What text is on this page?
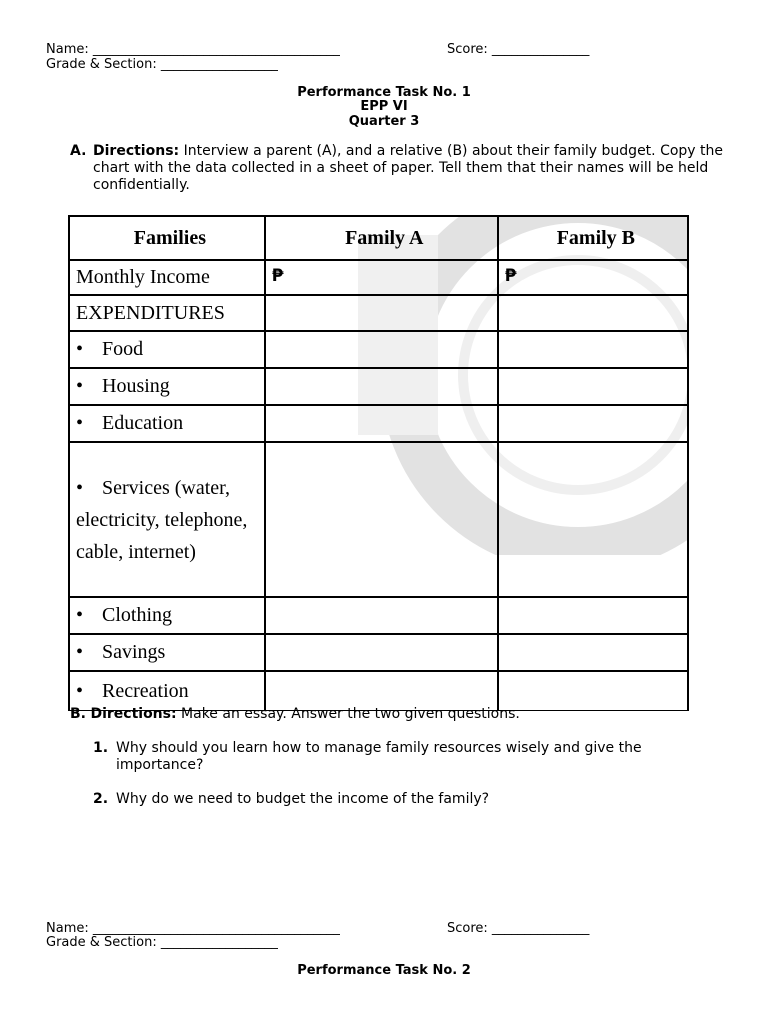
Name: ______________________________________	Score: _______________
Grade & Section: __________________
Performance Task No. 1
EPP VI
Quarter 3
A. Directions: Interview a parent (A), and a relative (B) about their family budget. Copy the chart with the data collected in a sheet of paper. Tell them that their names will be held confidentially.
Families	Family A	Family B
Monthly Income	₱	₱
EXPENDITURES		
• Food		
• Housing		
• Education		
• Services (water, electricity, telephone, cable, internet)		
• Clothing		
• Savings		
• Recreation		
B. Directions: Make an essay. Answer the two given questions.
1. Why should you learn how to manage family resources wisely and give the importance?
2. Why do we need to budget the income of the family?
Name: ______________________________________	Score: _______________
Grade & Section: __________________
Performance Task No. 2
